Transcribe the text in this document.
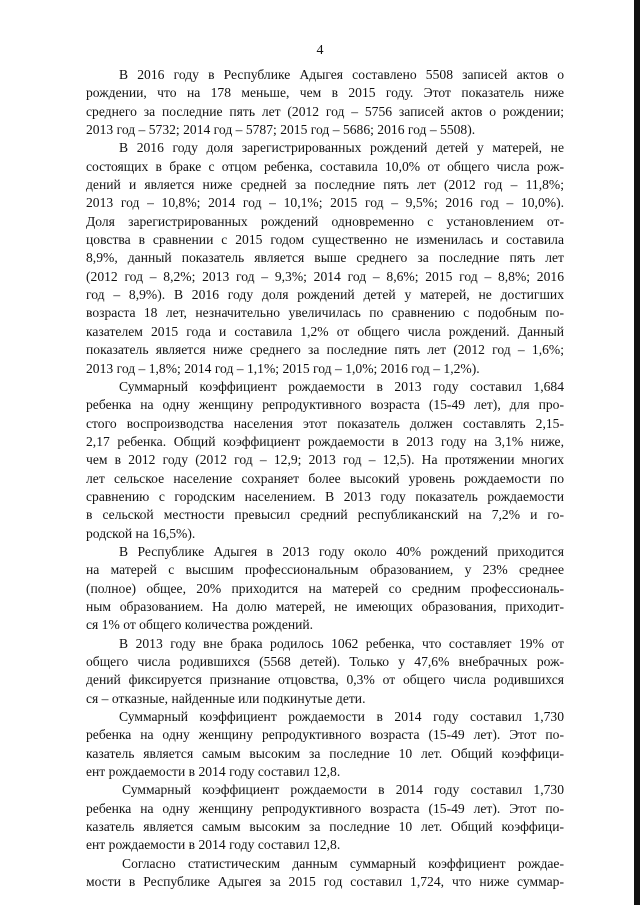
4
В 2016 году в Республике Адыгея составлено 5508 записей актов о
рождении, что на 178 меньше, чем в 2015 году. Этот показатель ниже
среднего за последние пять лет (2012 год – 5756 записей актов о рождении;
2013 год – 5732; 2014 год – 5787; 2015 год – 5686; 2016 год – 5508).
В 2016 году доля зарегистрированных рождений детей у матерей, не
состоящих в браке с отцом ребенка, составила 10,0% от общего числа рож-
дений и является ниже средней за последние пять лет (2012 год – 11,8%;
2013 год – 10,8%; 2014 год – 10,1%; 2015 год – 9,5%; 2016 год – 10,0%).
Доля зарегистрированных рождений одновременно с установлением от-
цовства в сравнении с 2015 годом существенно не изменилась и составила
8,9%, данный показатель является выше среднего за последние пять лет
(2012 год – 8,2%; 2013 год – 9,3%; 2014 год – 8,6%; 2015 год – 8,8%; 2016
год – 8,9%). В 2016 году доля рождений детей у матерей, не достигших
возраста 18 лет, незначительно увеличилась по сравнению с подобным по-
казателем 2015 года и составила 1,2% от общего числа рождений. Данный
показатель является ниже среднего за последние пять лет (2012 год – 1,6%;
2013 год – 1,8%; 2014 год – 1,1%; 2015 год – 1,0%; 2016 год – 1,2%).
Суммарный коэффициент рождаемости в 2013 году составил 1,684
ребенка на одну женщину репродуктивного возраста (15-49 лет), для про-
стого воспроизводства населения этот показатель должен составлять 2,15-
2,17 ребенка. Общий коэффициент рождаемости в 2013 году на 3,1% ниже,
чем в 2012 году (2012 год – 12,9; 2013 год – 12,5). На протяжении многих
лет сельское население сохраняет более высокий уровень рождаемости по
сравнению с городским населением. В 2013 году показатель рождаемости
в сельской местности превысил средний республиканский на 7,2% и го-
родской на 16,5%).
В Республике Адыгея в 2013 году около 40% рождений приходится
на матерей с высшим профессиональным образованием, у 23% среднее
(полное) общее, 20% приходится на матерей со средним профессиональ-
ным образованием. На долю матерей, не имеющих образования, приходит-
ся 1% от общего количества рождений.
В 2013 году вне брака родилось 1062 ребенка, что составляет 19% от
общего числа родившихся (5568 детей). Только у 47,6% внебрачных рож-
дений фиксируется признание отцовства, 0,3% от общего числа родившихся
ся – отказные, найденные или подкинутые дети.
Суммарный коэффициент рождаемости в 2014 году составил 1,730
ребенка на одну женщину репродуктивного возраста (15-49 лет). Этот по-
казатель является самым высоким за последние 10 лет. Общий коэффици-
ент рождаемости в 2014 году составил 12,8.
Суммарный коэффициент рождаемости в 2014 году составил 1,730
ребенка на одну женщину репродуктивного возраста (15-49 лет). Этот по-
казатель является самым высоким за последние 10 лет. Общий коэффици-
ент рождаемости в 2014 году составил 12,8.
Согласно статистическим данным суммарный коэффициент рождае-
мости в Республике Адыгея за 2015 год составил 1,724, что ниже суммар-
